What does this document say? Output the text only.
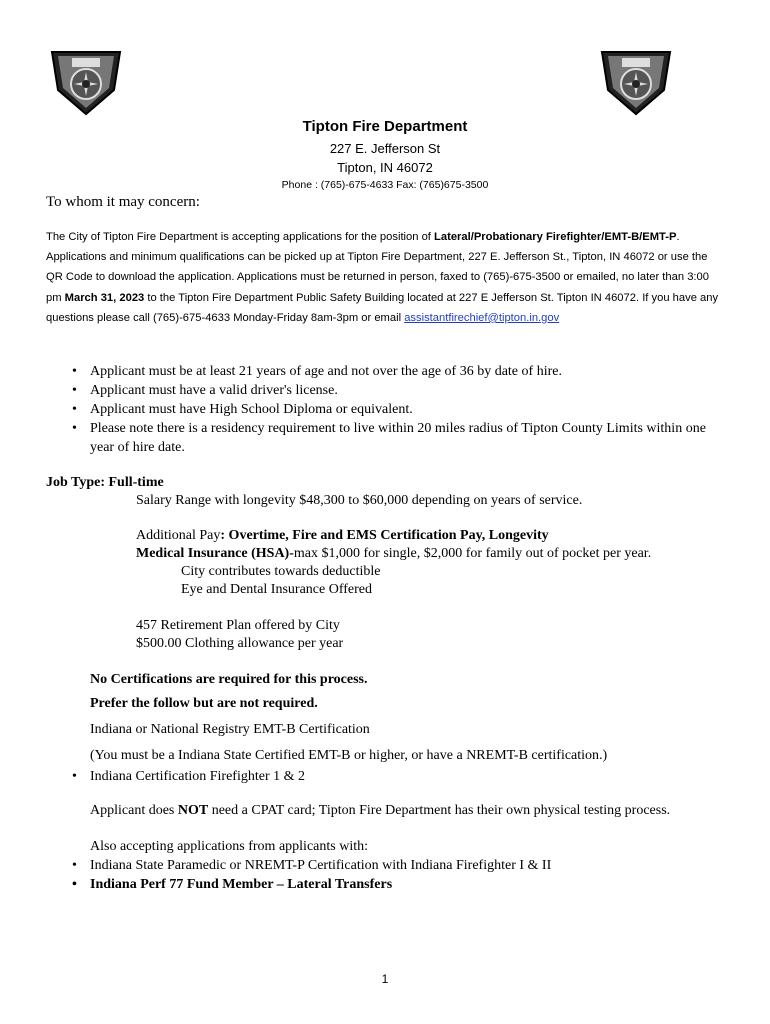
Tipton Fire Department
227 E. Jefferson St
Tipton, IN 46072
Phone : (765)-675-4633 Fax: (765)675-3500
To whom it may concern:
The City of Tipton Fire Department is accepting applications for the position of Lateral/Probationary Firefighter/EMT-B/EMT-P. Applications and minimum qualifications can be picked up at Tipton Fire Department, 227 E. Jefferson St., Tipton, IN 46072 or use the QR Code to download the application. Applications must be returned in person, faxed to (765)-675-3500 or emailed, no later than 3:00 pm March 31, 2023 to the Tipton Fire Department Public Safety Building located at 227 E Jefferson St. Tipton IN 46072. If you have any questions please call (765)-675-4633 Monday-Friday 8am-3pm or email assistantfirechief@tipton.in.gov
• Applicant must be at least 21 years of age and not over the age of 36 by date of hire.
• Applicant must have a valid driver's license.
• Applicant must have High School Diploma or equivalent.
• Please note there is a residency requirement to live within 20 miles radius of Tipton County Limits within one year of hire date.
Job Type: Full-time
Salary Range with longevity $48,300 to $60,000 depending on years of service.
Additional Pay: Overtime, Fire and EMS Certification Pay, Longevity
Medical Insurance (HSA)-max $1,000 for single, $2,000 for family out of pocket per year.
City contributes towards deductible
Eye and Dental Insurance Offered
457 Retirement Plan offered by City
$500.00 Clothing allowance per year
No Certifications are required for this process.
Prefer the follow but are not required.
Indiana or National Registry EMT-B Certification
(You must be a Indiana State Certified EMT-B or higher, or have a NREMT-B certification.)
• Indiana Certification Firefighter 1 & 2
Applicant does NOT need a CPAT card; Tipton Fire Department has their own physical testing process.
Also accepting applications from applicants with:
• Indiana State Paramedic or NREMT-P Certification with Indiana Firefighter I & II
• Indiana Perf 77 Fund Member – Lateral Transfers
1
